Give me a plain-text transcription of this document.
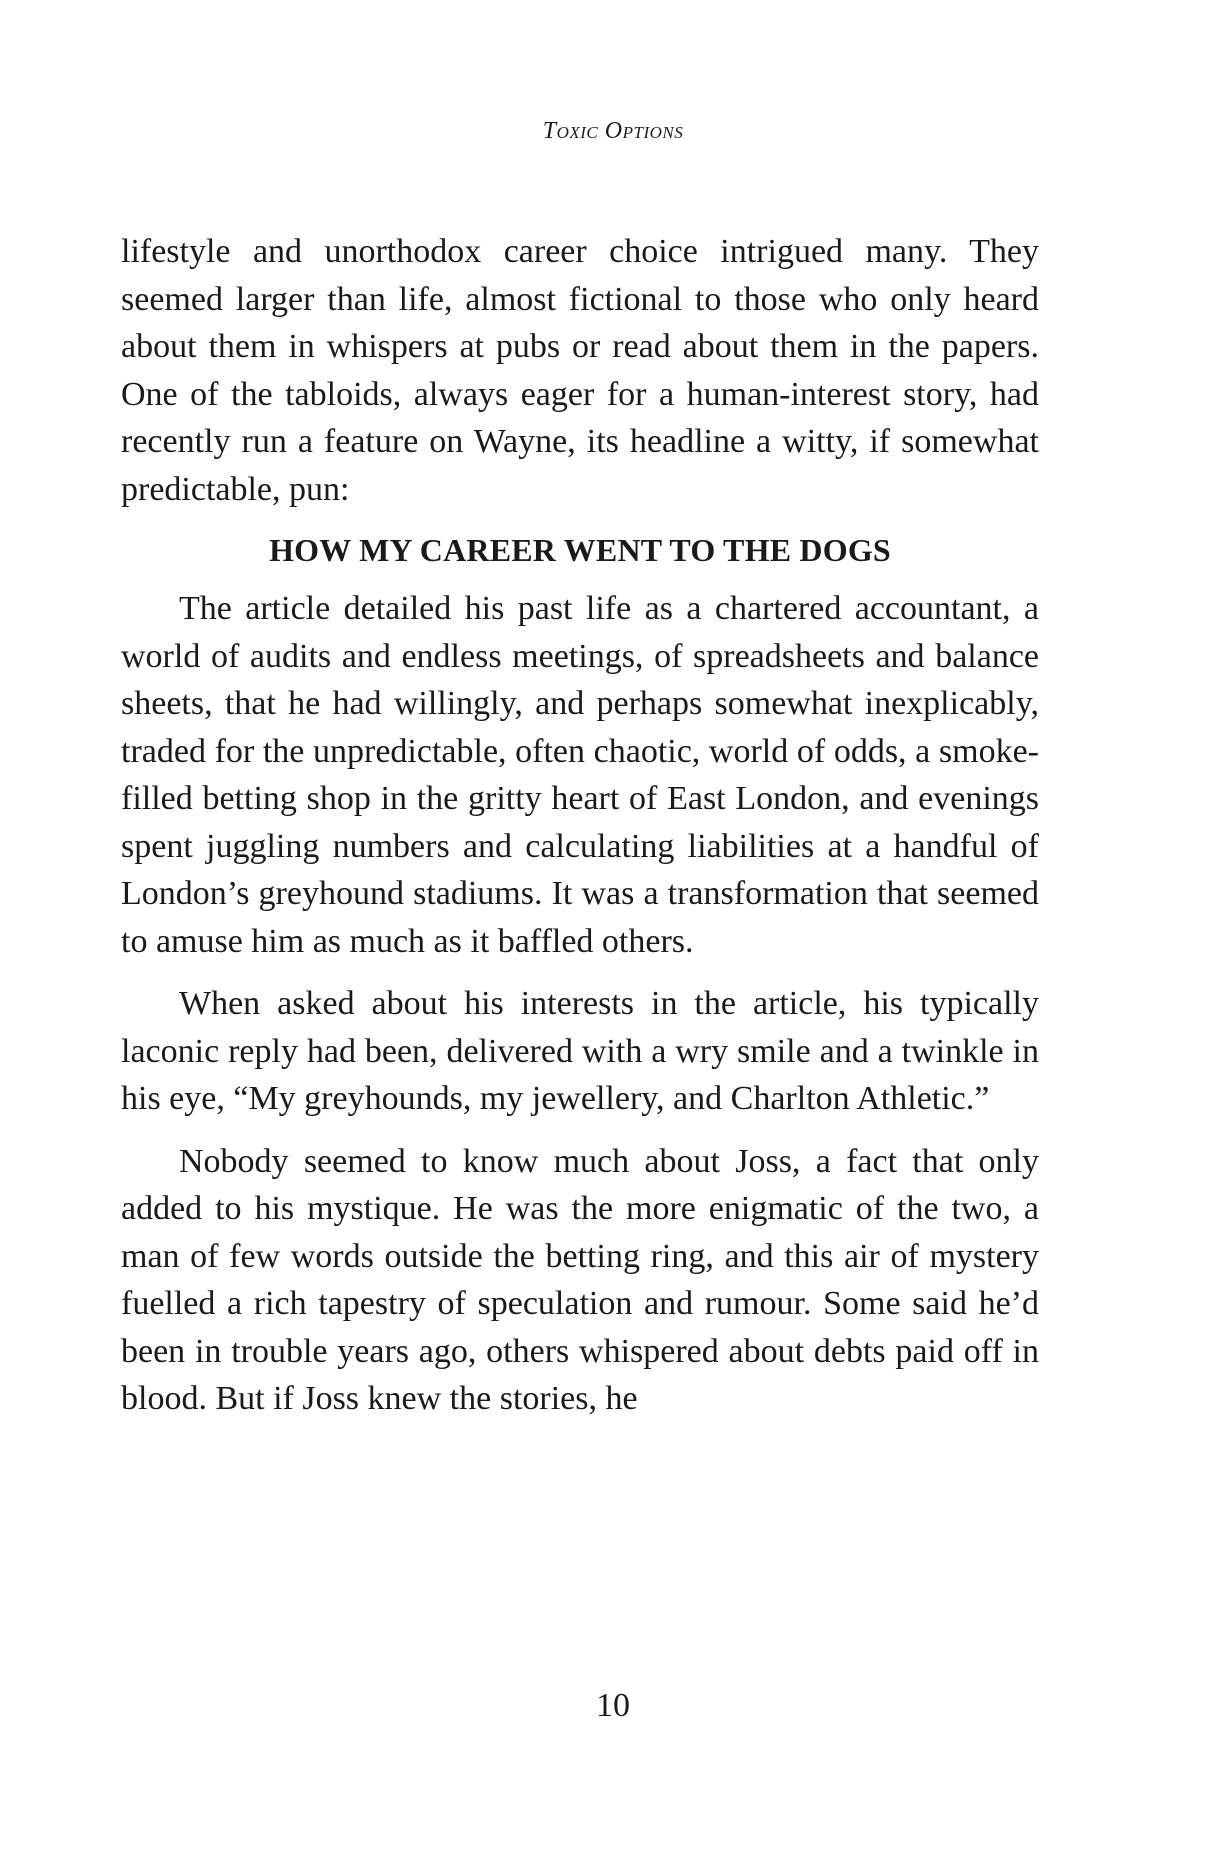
Toxic Options

lifestyle and unorthodox career choice intrigued many. They seemed larger than life, almost fictional to those who only heard about them in whispers at pubs or read about them in the papers. One of the tabloids, always eager for a human-interest story, had recently run a feature on Wayne, its headline a witty, if somewhat predictable, pun:

HOW MY CAREER WENT TO THE DOGS

The article detailed his past life as a chartered accountant, a world of audits and endless meetings, of spreadsheets and balance sheets, that he had willingly, and perhaps somewhat inexplicably, traded for the unpredictable, often chaotic, world of odds, a smoke-filled betting shop in the gritty heart of East London, and evenings spent juggling numbers and calculating liabilities at a handful of London’s greyhound stadiums. It was a transformation that seemed to amuse him as much as it baffled others.

When asked about his interests in the article, his typically laconic reply had been, delivered with a wry smile and a twinkle in his eye, “My greyhounds, my jewellery, and Charlton Athletic.”

Nobody seemed to know much about Joss, a fact that only added to his mystique. He was the more enigmatic of the two, a man of few words outside the betting ring, and this air of mystery fuelled a rich tapestry of speculation and rumour. Some said he’d been in trouble years ago, others whispered about debts paid off in blood. But if Joss knew the stories, he

10
